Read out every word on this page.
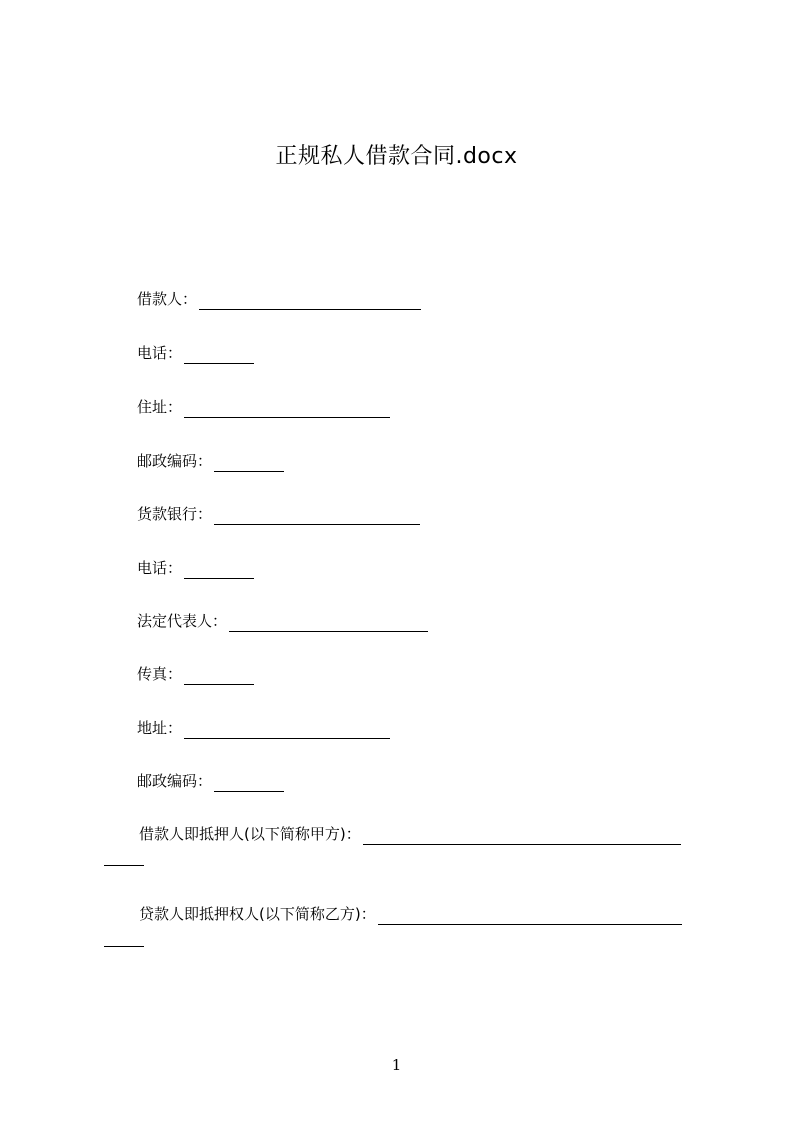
正规私人借款合同.docx
借款人：
电话：
住址：
邮政编码：
货款银行：
电话：
法定代表人：
传真：
地址：
邮政编码：
借款人即抵押人(以下简称甲方)：
贷款人即抵押权人(以下简称乙方)：
1
